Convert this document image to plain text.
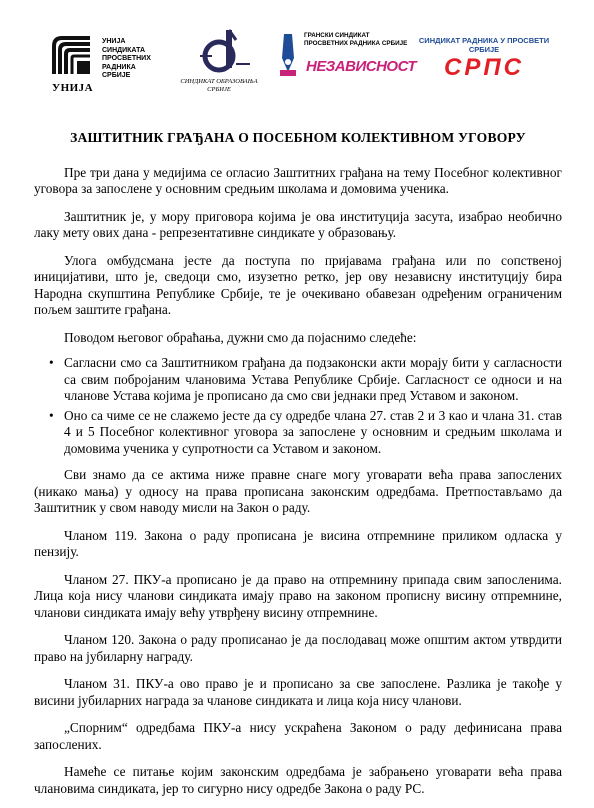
УНИЈА
УНИЈА
СИНДИКАТА
ПРОСВЕТНИХ
РАДНИКА
СРБИЈЕ
СИНДИКАТ ОБРАЗОВАЊА
СРБИЈЕ
ГРАНСКИ СИНДИКАТ
ПРОСВЕТНИХ РАДНИКА СРБИЈЕ
НЕЗАВИСНОСТ
СИНДИКАТ РАДНИКА У ПРОСВЕТИ
СРБИЈЕ
СРПС
ЗАШТИТНИК ГРАЂАНА О ПОСЕБНОМ КОЛЕКТИВНОМ УГОВОРУ

Пре три дана у медијима се огласио Заштитних грађана на тему Посебног колективног уговора за запослене у основним средњим школама и домовима ученика.

Заштитник је, у мору приговора којима је ова институција засута, изабрао необично лаку мету ових дана - репрезентативне синдикате у образовању.

Улога омбудсмана јесте да поступа по пријавама грађана или по сопственој иницијативи, што је, сведоци смо, изузетно ретко, јер ову независну институцију бира Народна скупштина Републике Србије, те је очекивано обавезан одређеним ограниченим пољем заштите грађана.

Поводом његовог обраћања, дужни смо да појаснимо следеће:

• Сагласни смо са Заштитником грађана да подзаконски акти морају бити у сагласности са свим побројаним члановима Устава Републике Србије. Сагласност се односи и на чланове Устава којима је прописано да смо сви једнаки пред Уставом и законом.
• Оно са чиме се не слажемо јесте да су одредбе члана 27. став 2 и 3 као и члана 31. став 4 и 5 Посебног колективног уговора за запослене у основним и средњим школама и домовима ученика у супротности са Уставом и законом.

Сви знамо да се актима ниже правне снаге могу уговарати већа права запослених (никако мања) у односу на права прописана законским одредбама. Претпостављамо да Заштитник у свом наводу мисли на Закон о раду.

Чланом 119. Закона о раду прописана је висина отпремнине приликом одласка у пензију.

Чланом 27. ПКУ-а прописано је да право на отпремнину припада свим запосленима. Лица која нису чланови синдиката имају право на законом прописну висину отпремнине, чланови синдиката имају већу утврђену висину отпремнине.

Чланом 120. Закона о раду прописанао је да послодавац може општим актом утврдити право на јубиларну награду.

Чланом 31. ПКУ-а ово право је и прописано за све запослене. Разлика је такође у висини јубиларних награда за чланове синдиката и лица која нису чланови.

„Спорним“ одредбама ПКУ-а нису ускраћена Законом о раду дефинисана права запослених.

Намеће се питање којим законским одредбама је забрањено уговарати већа права члановима синдиката, јер то сигурно нису одредбе Закона о раду РС.
